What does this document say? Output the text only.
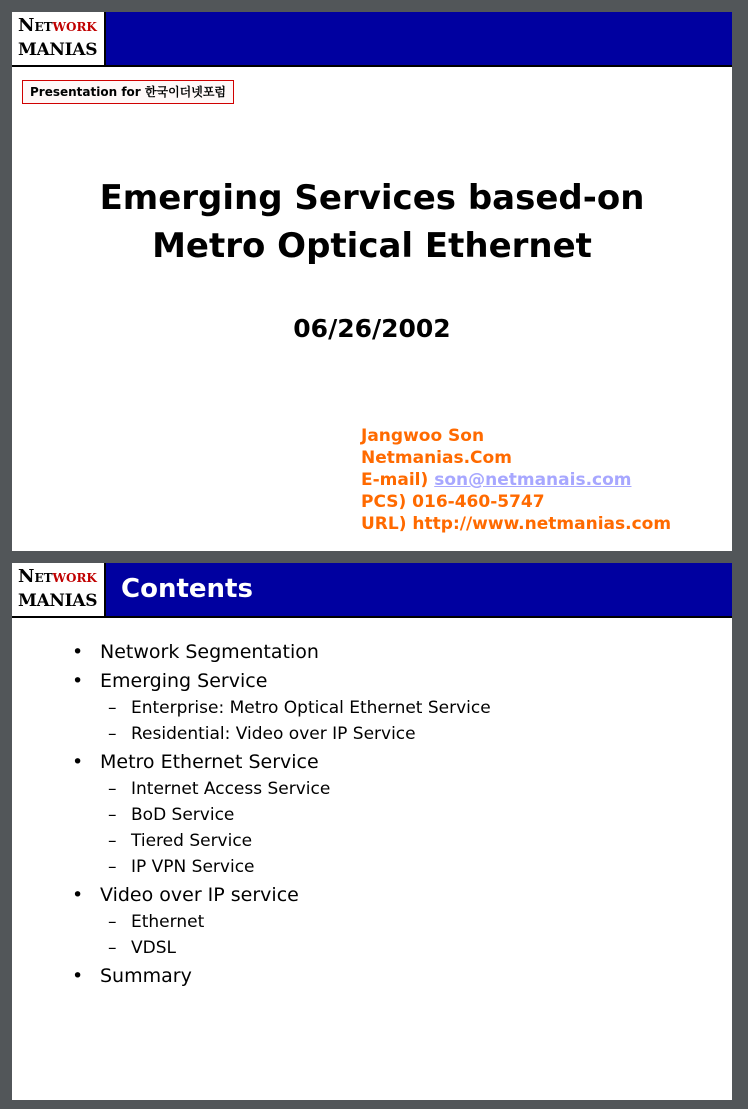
NETWORK
MANIAS
Presentation for 한국이더넷포럼
Emerging Services based-on
Metro Optical Ethernet
06/26/2002
Jangwoo Son
Netmanias.Com
E-mail) son@netmanais.com
PCS) 016-460-5747
URL) http://www.netmanias.com
NETWORK
MANIAS Contents
• Network Segmentation
• Emerging Service
– Enterprise: Metro Optical Ethernet Service
– Residential: Video over IP Service
• Metro Ethernet Service
– Internet Access Service
– BoD Service
– Tiered Service
– IP VPN Service
• Video over IP service
– Ethernet
– VDSL
• Summary
